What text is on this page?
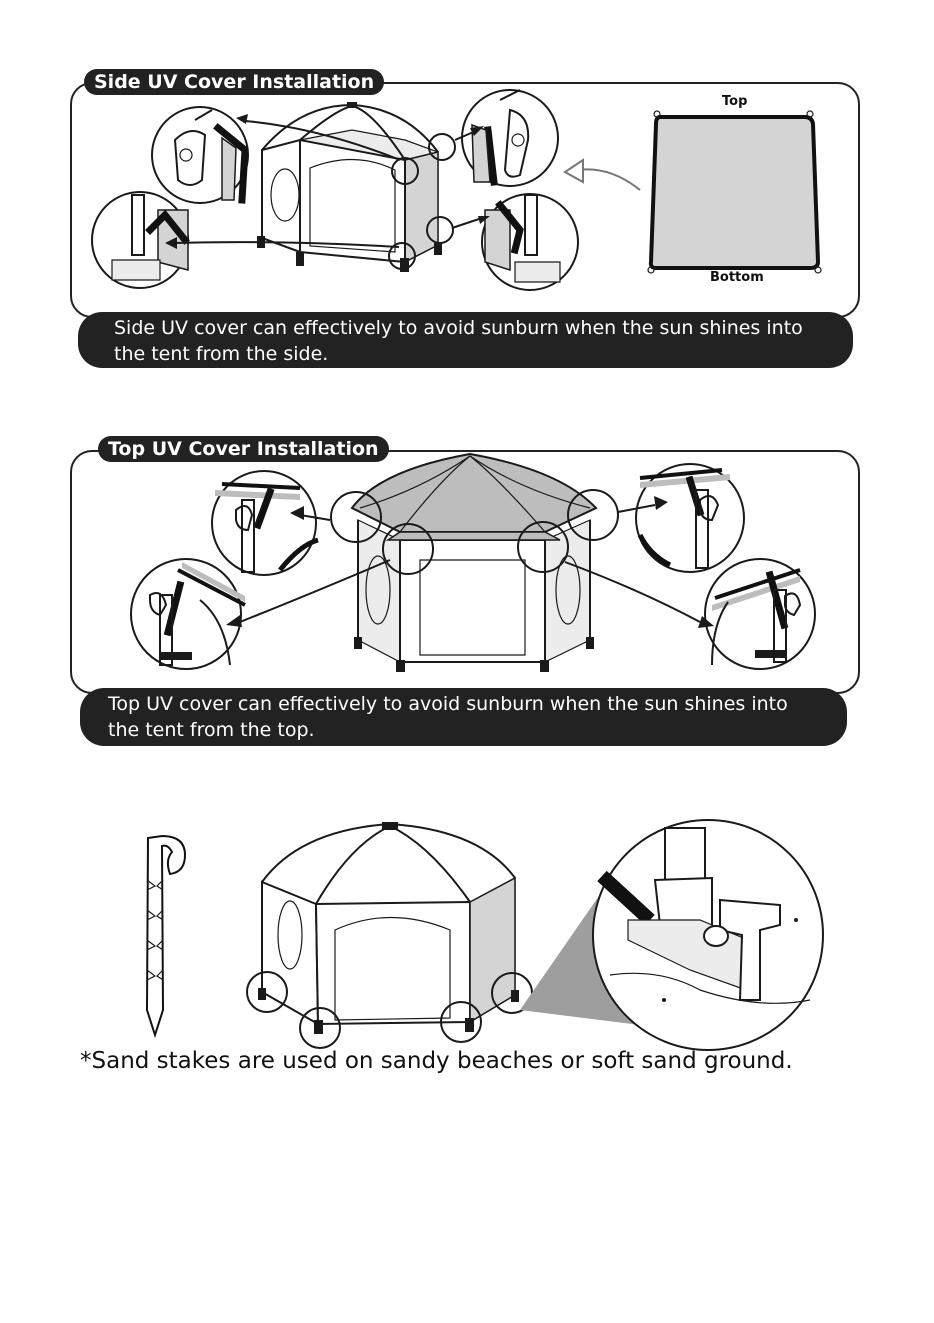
Side UV Cover Installation
Top
Bottom
Side UV cover can effectively to avoid sunburn when the sun shines into
the tent from the side.
Top UV Cover Installation
Top UV cover can effectively to avoid sunburn when the sun shines into
the tent from the top.
*Sand stakes are used on sandy beaches or soft sand ground.
